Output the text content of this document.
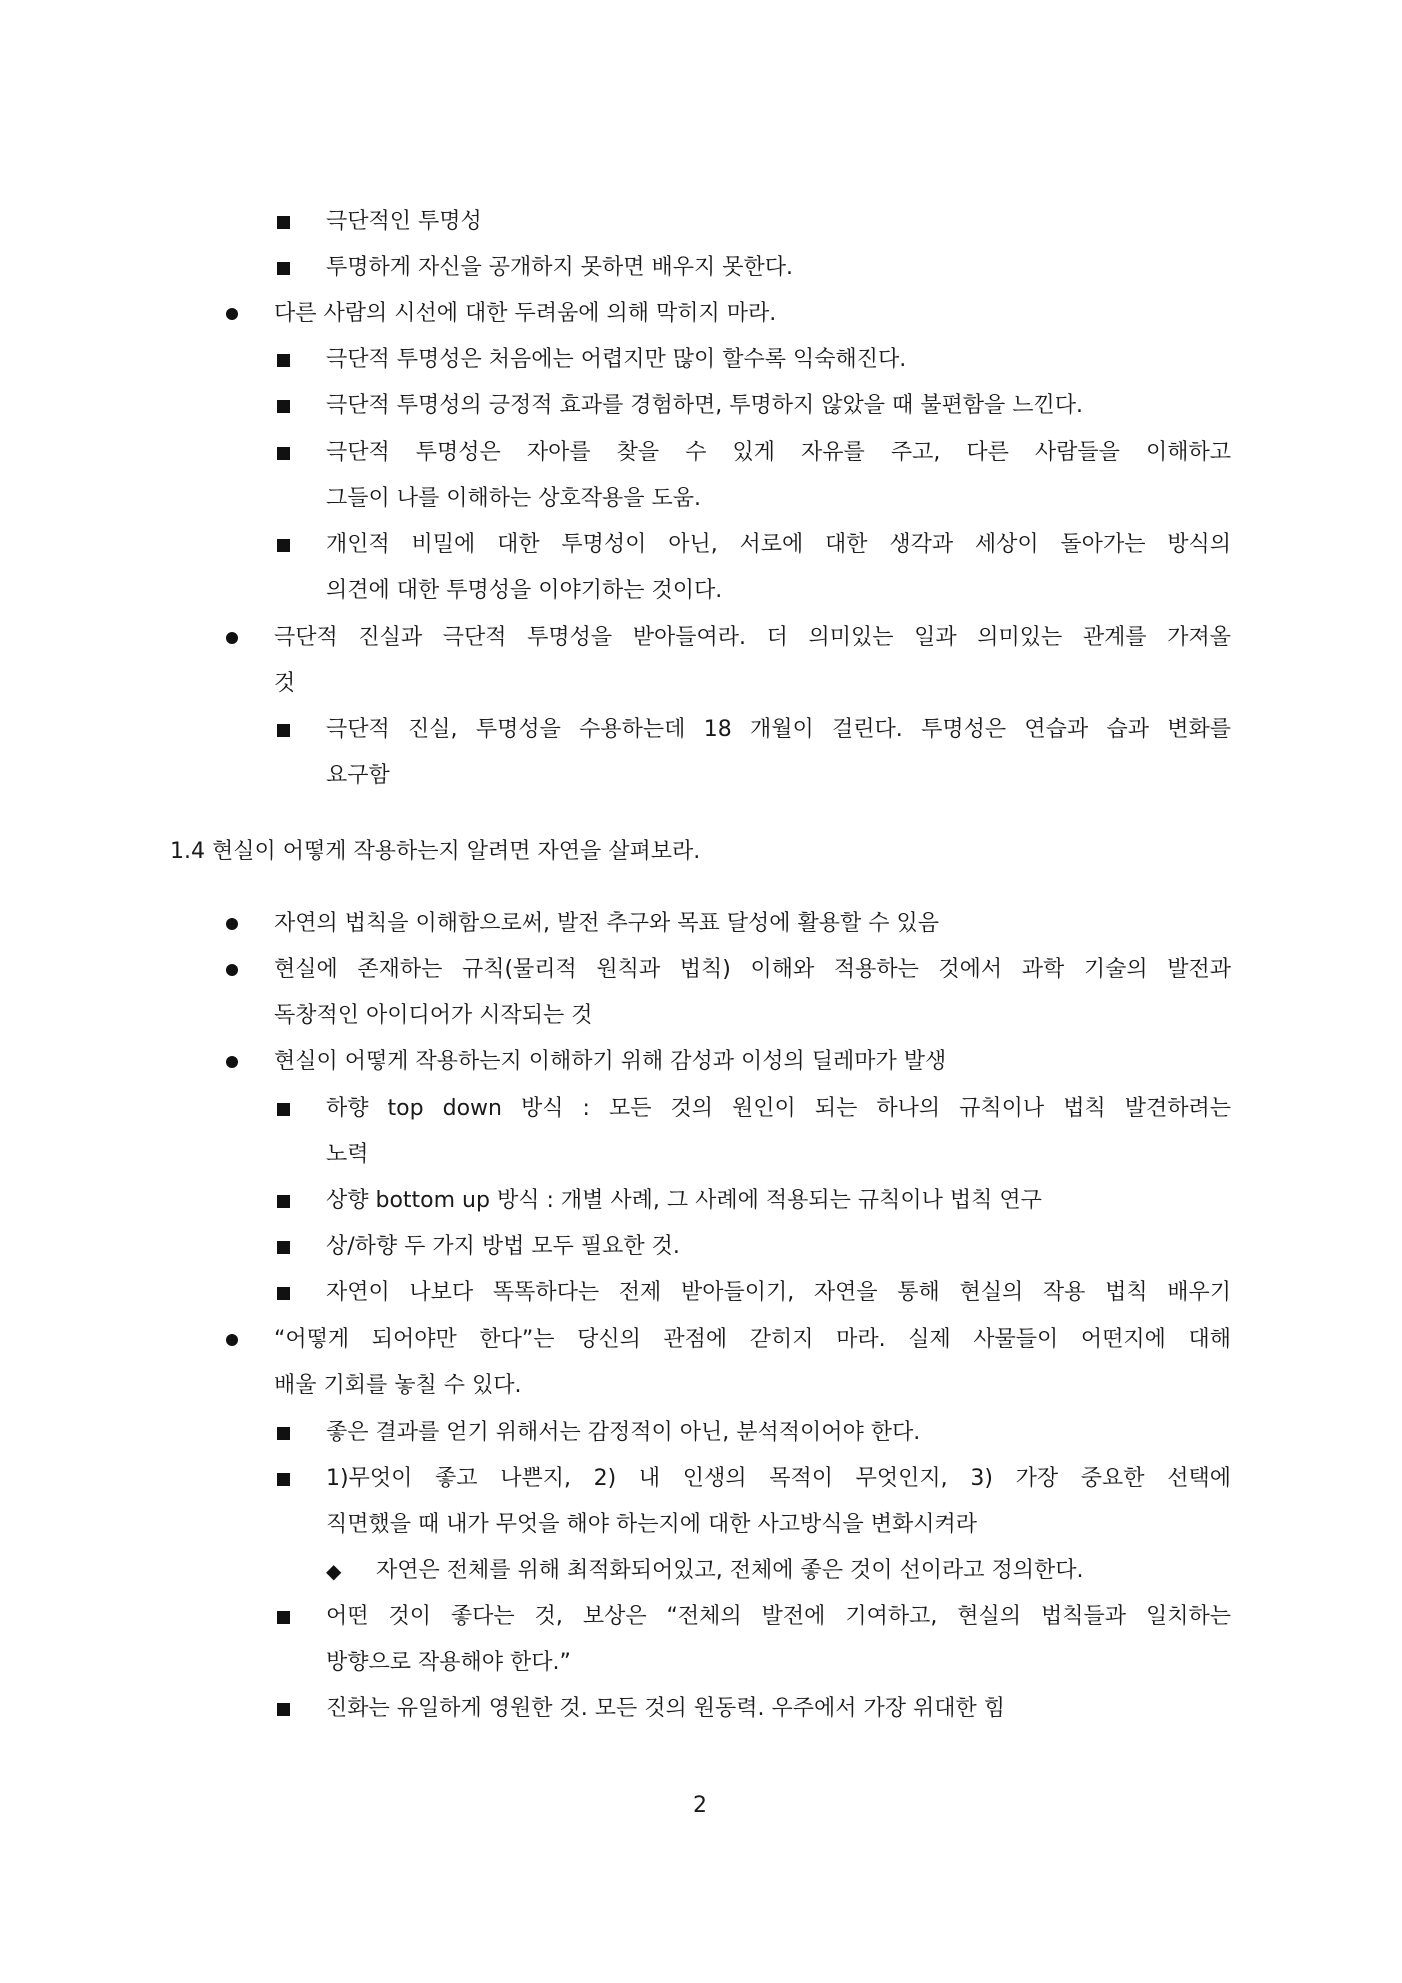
극단적인 투명성
투명하게 자신을 공개하지 못하면 배우지 못한다.
다른 사람의 시선에 대한 두려움에 의해 막히지 마라.
극단적 투명성은 처음에는 어렵지만 많이 할수록 익숙해진다.
극단적 투명성의 긍정적 효과를 경험하면, 투명하지 않았을 때 불편함을 느낀다.
극단적 투명성은 자아를 찾을 수 있게 자유를 주고, 다른 사람들을 이해하고
그들이 나를 이해하는 상호작용을 도움.
개인적 비밀에 대한 투명성이 아닌, 서로에 대한 생각과 세상이 돌아가는 방식의
의견에 대한 투명성을 이야기하는 것이다.
극단적 진실과 극단적 투명성을 받아들여라. 더 의미있는 일과 의미있는 관계를 가져올
것
극단적 진실, 투명성을 수용하는데 18 개월이 걸린다. 투명성은 연습과 습과 변화를
요구함
1.4 현실이 어떻게 작용하는지 알려면 자연을 살펴보라.
자연의 법칙을 이해함으로써, 발전 추구와 목표 달성에 활용할 수 있음
현실에 존재하는 규칙(물리적 원칙과 법칙) 이해와 적용하는 것에서 과학 기술의 발전과
독창적인 아이디어가 시작되는 것
현실이 어떻게 작용하는지 이해하기 위해 감성과 이성의 딜레마가 발생
하향 top down 방식 : 모든 것의 원인이 되는 하나의 규칙이나 법칙 발견하려는
노력
상향 bottom up 방식 : 개별 사례, 그 사례에 적용되는 규칙이나 법칙 연구
상/하향 두 가지 방법 모두 필요한 것.
자연이 나보다 똑똑하다는 전제 받아들이기, 자연을 통해 현실의 작용 법칙 배우기
“어떻게 되어야만 한다”는 당신의 관점에 갇히지 마라. 실제 사물들이 어떤지에 대해
배울 기회를 놓칠 수 있다.
좋은 결과를 얻기 위해서는 감정적이 아닌, 분석적이어야 한다.
1)무엇이 좋고 나쁜지, 2) 내 인생의 목적이 무엇인지, 3) 가장 중요한 선택에
직면했을 때 내가 무엇을 해야 하는지에 대한 사고방식을 변화시켜라
◆ 자연은 전체를 위해 최적화되어있고, 전체에 좋은 것이 선이라고 정의한다.
어떤 것이 좋다는 것, 보상은 “전체의 발전에 기여하고, 현실의 법칙들과 일치하는
방향으로 작용해야 한다.”
진화는 유일하게 영원한 것. 모든 것의 원동력. 우주에서 가장 위대한 힘
2
